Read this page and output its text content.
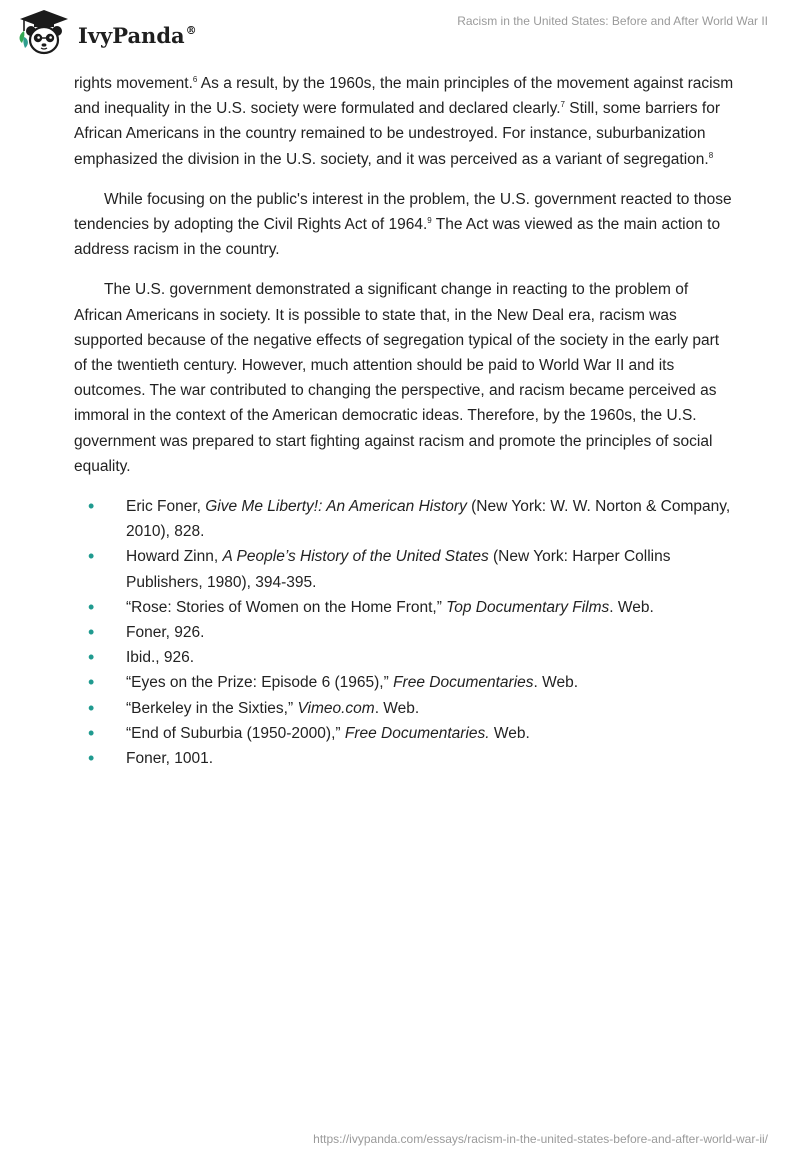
IvyPanda®
Racism in the United States: Before and After World War II

rights movement.$^6$ As a result, by the 1960s, the main principles of the movement against racism and inequality in the U.S. society were formulated and declared clearly.$^7$ Still, some barriers for African Americans in the country remained to be undestroyed. For instance, suburbanization emphasized the division in the U.S. society, and it was perceived as a variant of segregation.$^8$

While focusing on the public's interest in the problem, the U.S. government reacted to those tendencies by adopting the Civil Rights Act of 1964.$^9$ The Act was viewed as the main action to address racism in the country.

The U.S. government demonstrated a significant change in reacting to the problem of African Americans in society. It is possible to state that, in the New Deal era, racism was supported because of the negative effects of segregation typical of the society in the early part of the twentieth century. However, much attention should be paid to World War II and its outcomes. The war contributed to changing the perspective, and racism became perceived as immoral in the context of the American democratic ideas. Therefore, by the 1960s, the U.S. government was prepared to start fighting against racism and promote the principles of social equality.

• Eric Foner, Give Me Liberty!: An American History (New York: W. W. Norton & Company, 2010), 828.
• Howard Zinn, A People’s History of the United States (New York: Harper Collins Publishers, 1980), 394-395.
• “Rose: Stories of Women on the Home Front,” Top Documentary Films. Web.
• Foner, 926.
• Ibid., 926.
• “Eyes on the Prize: Episode 6 (1965),” Free Documentaries. Web.
• “Berkeley in the Sixties,” Vimeo.com. Web.
• “End of Suburbia (1950-2000),” Free Documentaries. Web.
• Foner, 1001.
https://ivypanda.com/essays/racism-in-the-united-states-before-and-after-world-war-ii/
